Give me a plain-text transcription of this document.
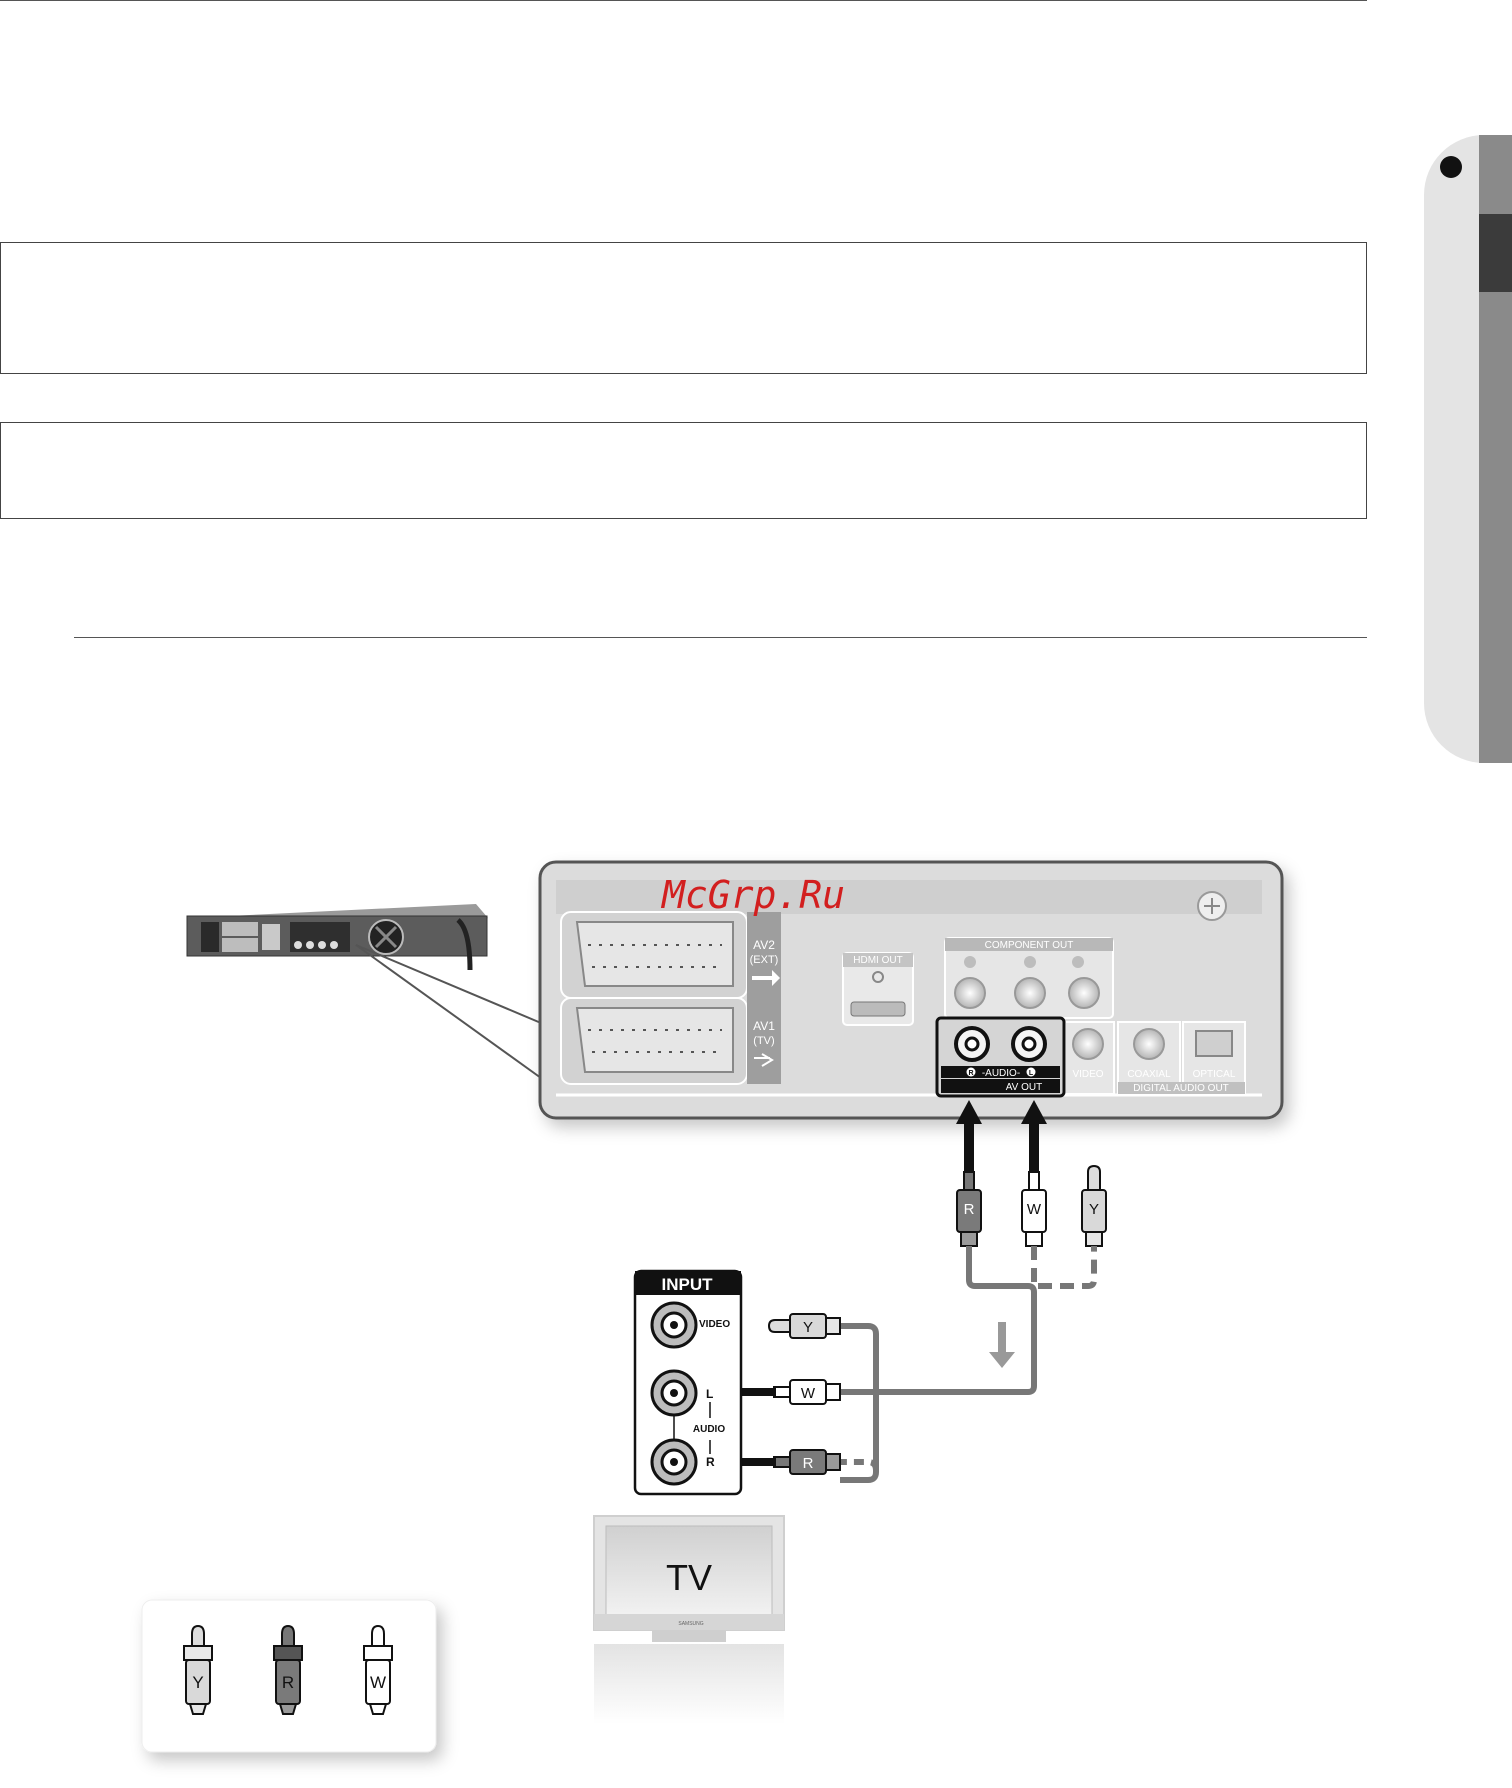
AV2
(EXT)
AV1
(TV)
HDMI OUT
COMPONENT OUT
VIDEO COAXIAL OPTICAL
DIGITAL AUDIO OUT
R	L
-AUDIO-
AV OUT
McGrp.Ru
R	W	Y
Y
W
R
INPUT
VIDEO
L
AUDIO
R
TV
SAMSUNG
Y	R	W
